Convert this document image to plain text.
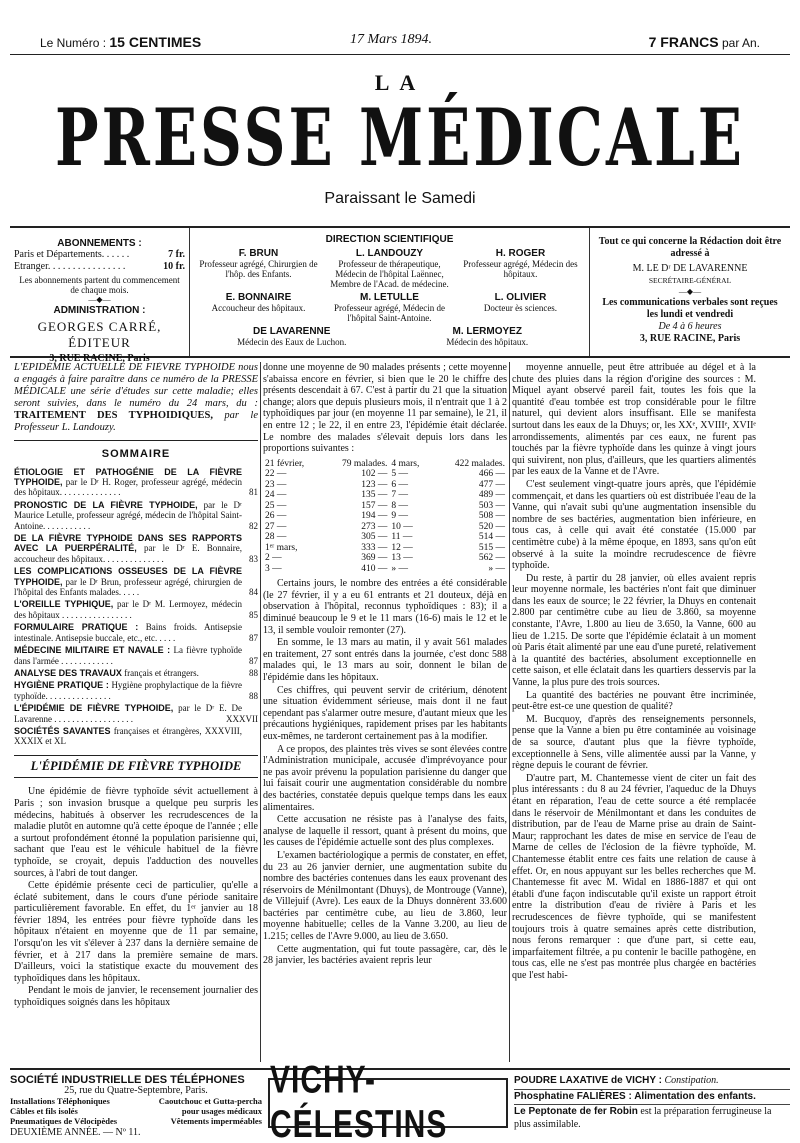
Le Numéro : 15 CENTIMES	17 Mars 1894.	7 FRANCS par An.
LA
PRESSE MÉDICALE
Paraissant le Samedi
ABONNEMENTS :
Paris et Départements. . . . . .	7 fr.
Etranger. . . . . . . . . . . . . . . .	10 fr.
Les abonnements partent du commencement de chaque mois.
—◆—
ADMINISTRATION :
GEORGES CARRÉ, ÉDITEUR
3, RUE RACINE, Paris
DIRECTION SCIENTIFIQUE
F. BRUN
Professeur agrégé, Chirurgien de l'hôp. des Enfants.
L. LANDOUZY
Professeur de thérapeutique, Médecin de l'hôpital Laënnec, Membre de l'Acad. de médecine.
H. ROGER
Professeur agrégé, Médecin des hôpitaux.
E. BONNAIRE
Accoucheur des hôpitaux.
M. LETULLE
Professeur agrégé, Médecin de l'hôpital Saint-Antoine.
L. OLIVIER
Docteur ès sciences.
DE LAVARENNE
Médecin des Eaux de Luchon.
M. LERMOYEZ
Médecin des hôpitaux.
Tout ce qui concerne la Rédaction doit être adressé à
M. LE Dʳ DE LAVARENNE
SECRÉTAIRE-GÉNÉRAL
—◆—
Les communications verbales sont reçues les lundi et vendredi
De 4 à 6 heures
3, RUE RACINE, Paris
L'ÉPIDÉMIE ACTUELLE DE FIÈVRE TYPHOIDE nous a engagés à faire paraître dans ce numéro de la PRESSE MÉDICALE une série d'études sur cette maladie; elles seront suivies, dans le numéro du 24 mars, du : TRAITEMENT DES TYPHOIDIQUES, par le Professeur L. Landouzy.
SOMMAIRE
ÉTIOLOGIE ET PATHOGÉNIE DE LA FIÈVRE TYPHOIDE, par le Dʳ H. Roger, professeur agrégé, médecin des hôpitaux. . . . . . . . . . . . . .	81
PRONOSTIC DE LA FIÈVRE TYPHOIDE, par le Dʳ Maurice Letulle, professeur agrégé, médecin de l'hôpital Saint-Antoine. . . . . . . . . . .	82
DE LA FIÈVRE TYPHOIDE DANS SES RAPPORTS AVEC LA PUERPÉRALITÉ, par le Dʳ E. Bonnaire, accoucheur des hôpitaux. . . . . . . . . . . . . .	83
LES COMPLICATIONS OSSEUSES DE LA FIÈVRE TYPHOIDE, par le Dʳ Brun, professeur agrégé, chirurgien de l'hôpital des Enfants malades. . . . .	84
L'OREILLE TYPHIQUE, par le Dʳ M. Lermoyez, médecin des hôpitaux . . . . . . . . . . . . . . . .	85
FORMULAIRE PRATIQUE : Bains froids. Antisepsie intestinale. Antisepsie buccale, etc., etc. . . . .	87
MÉDECINE MILITAIRE ET NAVALE : La fièvre typhoïde dans l'armée . . . . . . . . . . . .	87
ANALYSE DES TRAVAUX français et étrangers.	88
HYGIÈNE PRATIQUE : Hygiène prophylactique de la fièvre typhoïde. . . . . . . . . . . . . . .	88
L'ÉPIDÉMIE DE FIÈVRE TYPHOIDE, par le Dʳ E. De Lavarenne . . . . . . . . . . . . . . . . . .	XXXVII
SOCIÉTÉS SAVANTES françaises et étrangères, XXXVIII, XXXIX et XL
L'ÉPIDÉMIE DE FIÈVRE TYPHOIDE

Une épidémie de fièvre typhoïde sévit actuellement à Paris ; son invasion brusque a quelque peu surpris les médecins, habitués à observer les recrudescences de la maladie plutôt en automne qu'à cette époque de l'année ; elle a surtout profondément étonné la population parisienne qui, sachant que l'eau est le véhicule habituel de la fièvre typhoïde, se croyait, depuis l'adduction des nouvelles sources, à l'abri de tout danger.

Cette épidémie présente ceci de particulier, qu'elle a éclaté subitement, dans le cours d'une période sanitaire particulièrement favorable. En effet, du 1ᵉʳ janvier au 18 février 1894, les entrées pour fièvre typhoïde dans les hôpitaux n'étaient en moyenne que de 11 par semaine, l'orsqu'on les vit s'élever à 237 dans la dernière semaine de février, et à 217 dans la première semaine de mars. D'ailleurs, voici la statistique exacte du mouvement des typhoïdiques dans les hôpitaux.

Pendant le mois de janvier, le recensement journalier des typhoïdiques soignés dans les hôpitaux

donne une moyenne de 90 malades présents ; cette moyenne s'abaissa encore en février, si bien que le 20 le chiffre des présents descendait à 67. C'est à partir du 21 que la situation change; alors que depuis plusieurs mois, il n'entrait que 1 à 2 typhoïdiques par jour (en moyenne 11 par semaine), le 21, il en entre 12 ; le 22, il en entre 23, l'épidémie était déclarée. Le nombre des malades s'élevait depuis lors dans les proportions suivantes :

21 février,	79 malades.	4 mars,	422 malades.
22 —	102 —	5 —	466 —
23 —	123 —	6 —	477 —
24 —	135 —	7 —	489 —
25 —	157 —	8 —	503 —
26 —	194 —	9 —	508 —
27 —	273 —	10 —	520 —
28 —	305 —	11 —	514 —
1ᵉʳ mars,	333 —	12 —	515 —
2 —	369 —	13 —	562 —
3 —	410 —	» —	» —

Certains jours, le nombre des entrées a été considérable (le 27 février, il y a eu 61 entrants et 21 douteux, déjà en observation à l'hôpital, reconnus typhoïdiques : 83); il a diminué beaucoup le 9 et le 11 mars (16-6) mais le 12 et le 13, il semble vouloir remonter (27).

En somme, le 13 mars au matin, il y avait 561 malades en traitement, 27 sont entrés dans la journée, c'est donc 588 malades qui, le 13 mars au soir, donnent le bilan de l'épidémie dans les hôpitaux.

Ces chiffres, qui peuvent servir de critérium, dénotent une situation évidemment sérieuse, mais dont il ne faut cependant pas s'alarmer outre mesure, d'autant mieux que les précautions hygiéniques, rapidement prises par les habitants eux-mêmes, ne tarderont certainement pas à la modifier.

A ce propos, des plaintes très vives se sont élevées contre l'Administration municipale, accusée d'imprévoyance pour ne pas avoir prévenu la population parisienne du danger que lui faisait courir une augmentation considérable du nombre des bactéries, constatée depuis quelque temps dans les eaux alimentaires.

Cette accusation ne résiste pas à l'analyse des faits, analyse de laquelle il ressort, quant à présent du moins, que les causes de l'épidémie actuelle sont des plus complexes.

L'examen bactériologique a permis de constater, en effet, du 23 au 26 janvier dernier, une augmentation subite du nombre des bactéries contenues dans les eaux provenant des réservoirs de Ménilmontant (Dhuys), de Montrouge (Vanne), de Villejuif (Avre). Les eaux de la Dhuys donnèrent 33.600 bactéries par centimètre cube, au lieu de 3.860, leur moyenne habituelle; celles de la Vanne 3.200, au lieu de 1.215; celles de l'Avre 9.000, au lieu de 3.650.

Cette augmentation, qui fut toute passagère, car, dès le 28 janvier, les bactéries avaient repris leur

moyenne annuelle, peut être attribuée au dégel et à la chute des pluies dans la région d'origine des sources : M. Miquel ayant observé pareil fait, toutes les fois que la quantité d'eau tombée est trop considérable pour le filtre naturel, qui devient alors insuffisant. Elle se manifesta surtout dans les eaux de la Dhuys; or, les XXᵉ, XVIIIᵉ, XVIIᵉ arrondissements, alimentés par ces eaux, ne furent pas touchés par la fièvre typhoïde dans les quinze à vingt jours qui suivirent, non plus, d'ailleurs, que les quartiers alimentés par les eaux de la Vanne et de l'Avre.

C'est seulement vingt-quatre jours après, que l'épidémie commençait, et dans les quartiers où est distribuée l'eau de la Vanne, qui n'avait subi qu'une augmentation insensible du nombre de ses bactéries, augmentation bien inférieure, en tous cas, à celle qui avait été constatée (15.000 par centimètre cube) à la même époque, en 1893, sans qu'on eût observé à la suite la moindre recrudescence de fièvre typhoïde.

Du reste, à partir du 28 janvier, où elles avaient repris leur moyenne normale, les bactéries n'ont fait que diminuer dans les eaux de source; le 22 février, la Dhuys en contenait 2.800 par centimètre cube au lieu de 3.860, sa moyenne constante, l'Avre, 1.800 au lieu de 3.650, la Vanne, 600 au lieu de 1.215. De sorte que l'épidémie éclatait à un moment où Paris était alimenté par une eau d'une pureté, relativement à la quantité des bactéries, absolument exceptionnelle en cette saison, et elle éclatait dans les quartiers desservis par la Vanne, la plus pure des trois sources.

La quantité des bactéries ne pouvant être incriminée, peut-être est-ce une question de qualité?

M. Bucquoy, d'après des renseignements personnels, pense que la Vanne a bien pu être contaminée au voisinage de sa source, d'autant plus que la fièvre typhoïde, exceptionnelle à Sens, ville alimentée aussi par la Vanne, y règne depuis le courant de février.

D'autre part, M. Chantemesse vient de citer un fait des plus intéressants : du 8 au 24 février, l'aqueduc de la Dhuys étant en réparation, l'eau de cette source a été remplacée dans le réservoir de Ménilmontant et dans les conduites de distribution, par de l'eau de Marne prise au drain de Saint-Maur; rapprochant les dates de mise en service de l'eau de Marne de celles de l'éclosion de la fièvre typhoïde, M. Chantemesse établit entre ces faits une relation de cause à effet. Or, en nous appuyant sur les belles recherches que M. Chantemesse fit avec M. Widal en 1886-1887 et qui ont établi d'une façon indiscutable qu'il existe un rapport étroit entre la distribution d'eau de rivière à Paris et les recrudescences de fièvre typhoïde, qui se manifestent toujours trois à quatre semaines après cette distribution, nous ferons remarquer : que d'une part, si cette eau, imparfaitement filtrée, a pu contenir le bacille pathogène, en tous cas, elle ne s'est pas montrée plus chargée en bactéries que l'est habi-

SOCIÉTÉ INDUSTRIELLE DES TÉLÉPHONES
25, rue du Quatre-Septembre, Paris.
Installations Téléphoniques	Caoutchouc et Gutta-percha
Câbles et fils isolés	pour usages médicaux
Pneumatiques de Vélocipèdes	Vêtements imperméables
DEUXIÈME ANNÉE. — Nº 11.
VICHY-CÉLESTINS
POUDRE LAXATIVE de VICHY : Constipation.
Phosphatine FALIÈRES : Alimentation des enfants.
Le Peptonate de fer Robin est la préparation ferrugineuse la plus assimilable.
